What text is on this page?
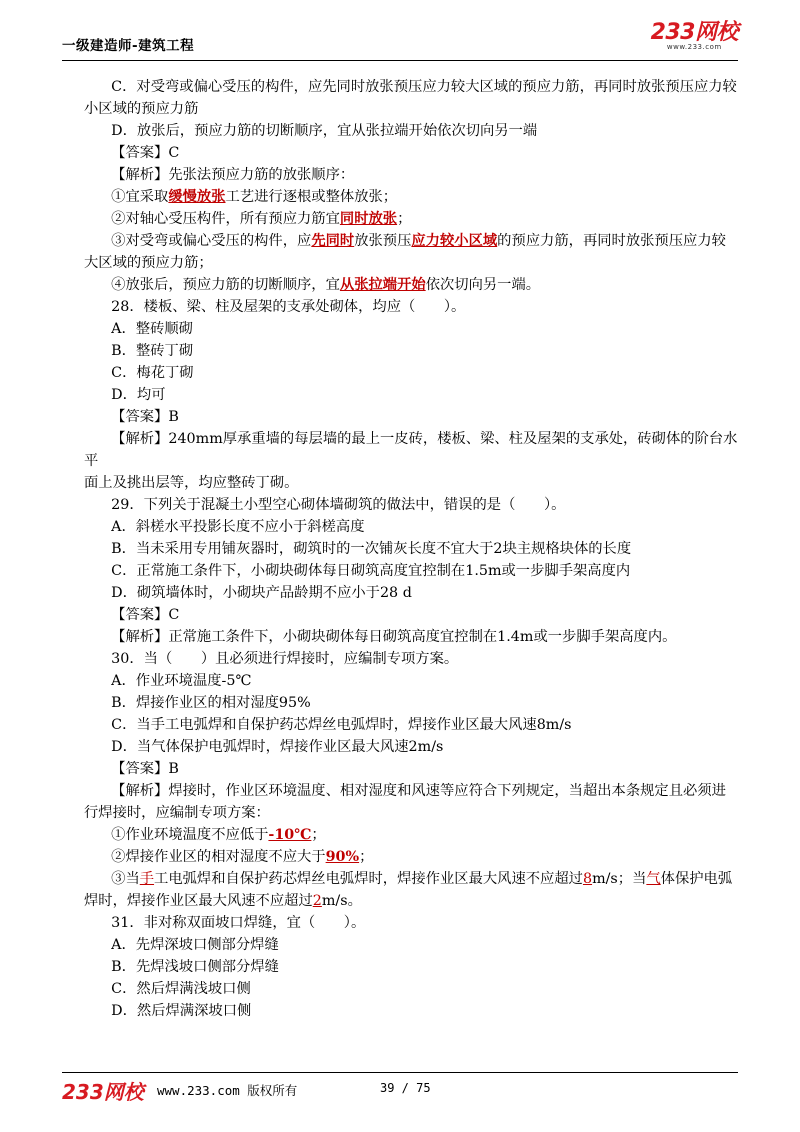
一级建造师-建筑工程
233网校
www.233.com

C．对受弯或偏心受压的构件，应先同时放张预压应力较大区域的预应力筋，再同时放张预压应力较

小区域的预应力筋

D．放张后，预应力筋的切断顺序，宜从张拉端开始依次切向另一端

【答案】C

【解析】先张法预应力筋的放张顺序：

①宜采取缓慢放张工艺进行逐根或整体放张；

②对轴心受压构件，所有预应力筋宜同时放张；

③对受弯或偏心受压的构件，应先同时放张预压应力较小区域的预应力筋，再同时放张预压应力较

大区域的预应力筋；

④放张后，预应力筋的切断顺序，宜从张拉端开始依次切向另一端。

28．楼板、梁、柱及屋架的支承处砌体，均应（　　）。

A．整砖顺砌

B．整砖丁砌

C．梅花丁砌

D．均可

【答案】B

【解析】240mm厚承重墙的每层墙的最上一皮砖，楼板、梁、柱及屋架的支承处，砖砌体的阶台水平

面上及挑出层等，均应整砖丁砌。

29．下列关于混凝土小型空心砌体墙砌筑的做法中，错误的是（　　）。

A．斜槎水平投影长度不应小于斜槎高度

B．当未采用专用铺灰器时，砌筑时的一次铺灰长度不宜大于2块主规格块体的长度

C．正常施工条件下，小砌块砌体每日砌筑高度宜控制在1.5m或一步脚手架高度内

D．砌筑墙体时，小砌块产品龄期不应小于28 d

【答案】C

【解析】正常施工条件下，小砌块砌体每日砌筑高度宜控制在1.4m或一步脚手架高度内。

30．当（　　）且必须进行焊接时，应编制专项方案。

A．作业环境温度-5℃

B．焊接作业区的相对湿度95%

C．当手工电弧焊和自保护药芯焊丝电弧焊时，焊接作业区最大风速8m/s

D．当气体保护电弧焊时，焊接作业区最大风速2m/s

【答案】B

【解析】焊接时，作业区环境温度、相对湿度和风速等应符合下列规定，当超出本条规定且必须进

行焊接时，应编制专项方案：

①作业环境温度不应低于-10℃；

②焊接作业区的相对湿度不应大于90%；

③当手工电弧焊和自保护药芯焊丝电弧焊时，焊接作业区最大风速不应超过8m/s；当气体保护电弧

焊时，焊接作业区最大风速不应超过2m/s。

31．非对称双面坡口焊缝，宜（　　）。

A．先焊深坡口侧部分焊缝

B．先焊浅坡口侧部分焊缝

C．然后焊满浅坡口侧

D．然后焊满深坡口侧

233网校 www.233.com 版权所有	39 / 75
